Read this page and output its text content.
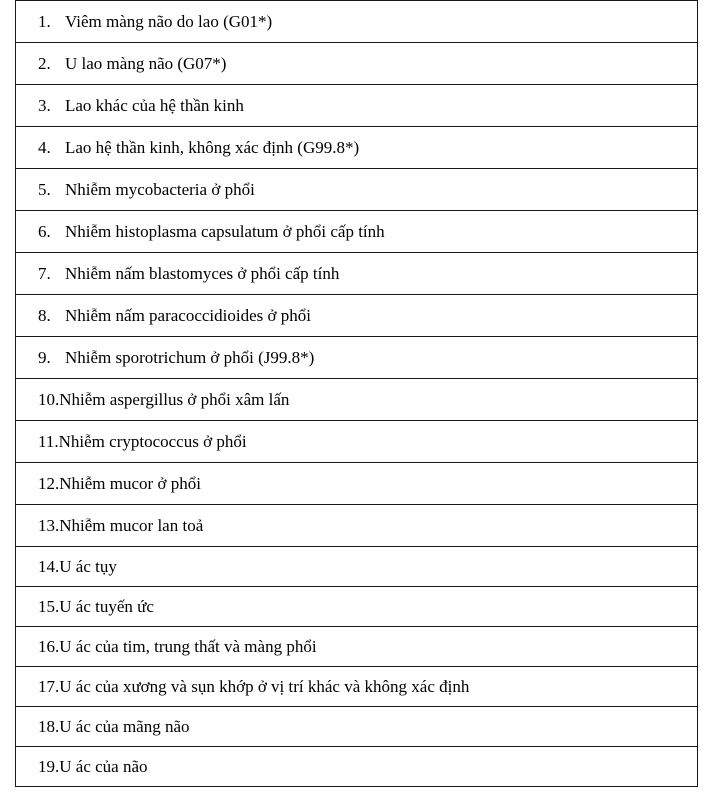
1. Viêm màng não do lao (G01*)
2. U lao màng não (G07*)
3. Lao khác của hệ thần kinh
4. Lao hệ thần kinh, không xác định (G99.8*)
5. Nhiễm mycobacteria ở phổi
6. Nhiễm histoplasma capsulatum ở phổi cấp tính
7. Nhiễm nấm blastomyces ở phổi cấp tính
8. Nhiễm nấm paracoccidioides ở phổi
9. Nhiễm sporotrichum ở phổi (J99.8*)
10.Nhiễm aspergillus ở phổi xâm lấn
11.Nhiễm cryptococcus ở phổi
12.Nhiễm mucor ở phổi
13.Nhiễm mucor lan toả
14.U ác tụy
15.U ác tuyến ức
16.U ác của tim, trung thất và màng phổi
17.U ác của xương và sụn khớp ở vị trí khác và không xác định
18.U ác của mãng não
19.U ác của não
